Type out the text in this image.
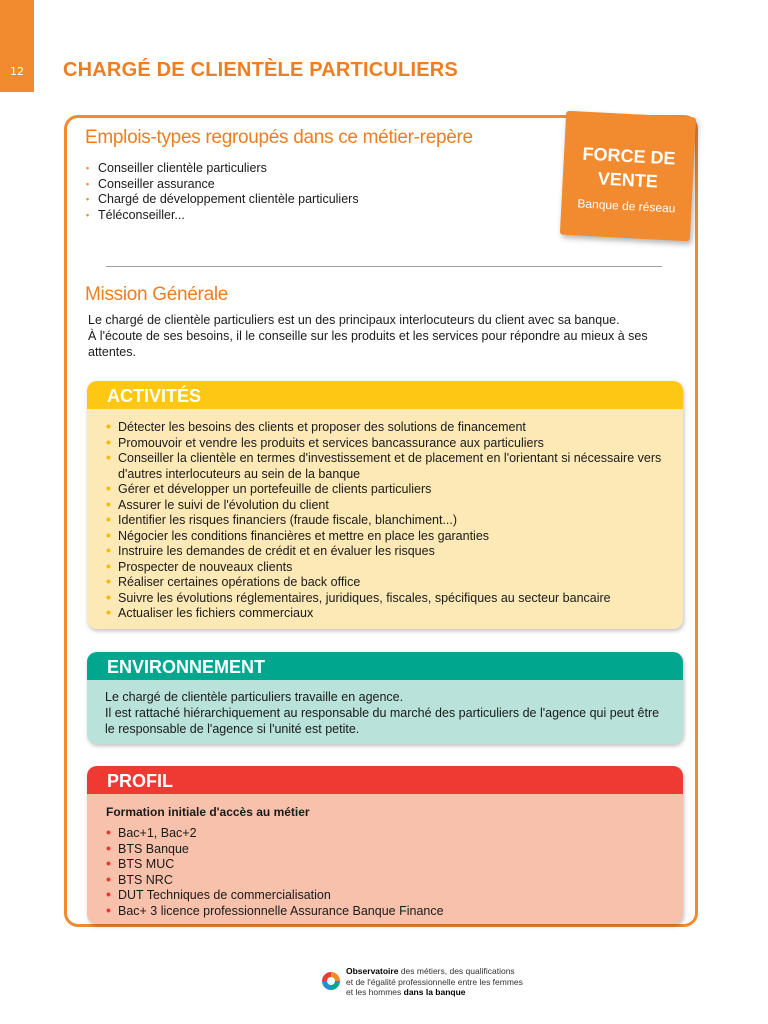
12	CHARGÉ DE CLIENTÈLE PARTICULIERS
FORCE DE
VENTE
Banque de réseau
Emplois-types regroupés dans ce métier-repère
• Conseiller clientèle particuliers
• Conseiller assurance
• Chargé de développement clientèle particuliers
• Téléconseiller...
Mission Générale

Le chargé de clientèle particuliers est un des principaux interlocuteurs du client avec sa banque.

À l'écoute de ses besoins, il le conseille sur les produits et les services pour répondre au mieux à ses attentes.

ACTIVITÉS
• Détecter les besoins des clients et proposer des solutions de financement
• Promouvoir et vendre les produits et services bancassurance aux particuliers
• Conseiller la clientèle en termes d'investissement et de placement en l'orientant si nécessaire vers d'autres interlocuteurs au sein de la banque
• Gérer et développer un portefeuille de clients particuliers
• Assurer le suivi de l'évolution du client
• Identifier les risques financiers (fraude fiscale, blanchiment...)
• Négocier les conditions financières et mettre en place les garanties
• Instruire les demandes de crédit et en évaluer les risques
• Prospecter de nouveaux clients
• Réaliser certaines opérations de back office
• Suivre les évolutions réglementaires, juridiques, fiscales, spécifiques au secteur bancaire
• Actualiser les fichiers commerciaux
ENVIRONNEMENT

Le chargé de clientèle particuliers travaille en agence.

Il est rattaché hiérarchiquement au responsable du marché des particuliers de l'agence qui peut être le responsable de l'agence si l'unité est petite.

PROFIL
Formation initiale d'accès au métier
• Bac+1, Bac+2
• BTS Banque
• BTS MUC
• BTS NRC
• DUT Techniques de commercialisation
• Bac+ 3 licence professionnelle Assurance Banque Finance
Observatoire des métiers, des qualifications
et de l'égalité professionnelle entre les femmes
et les hommes dans la banque
